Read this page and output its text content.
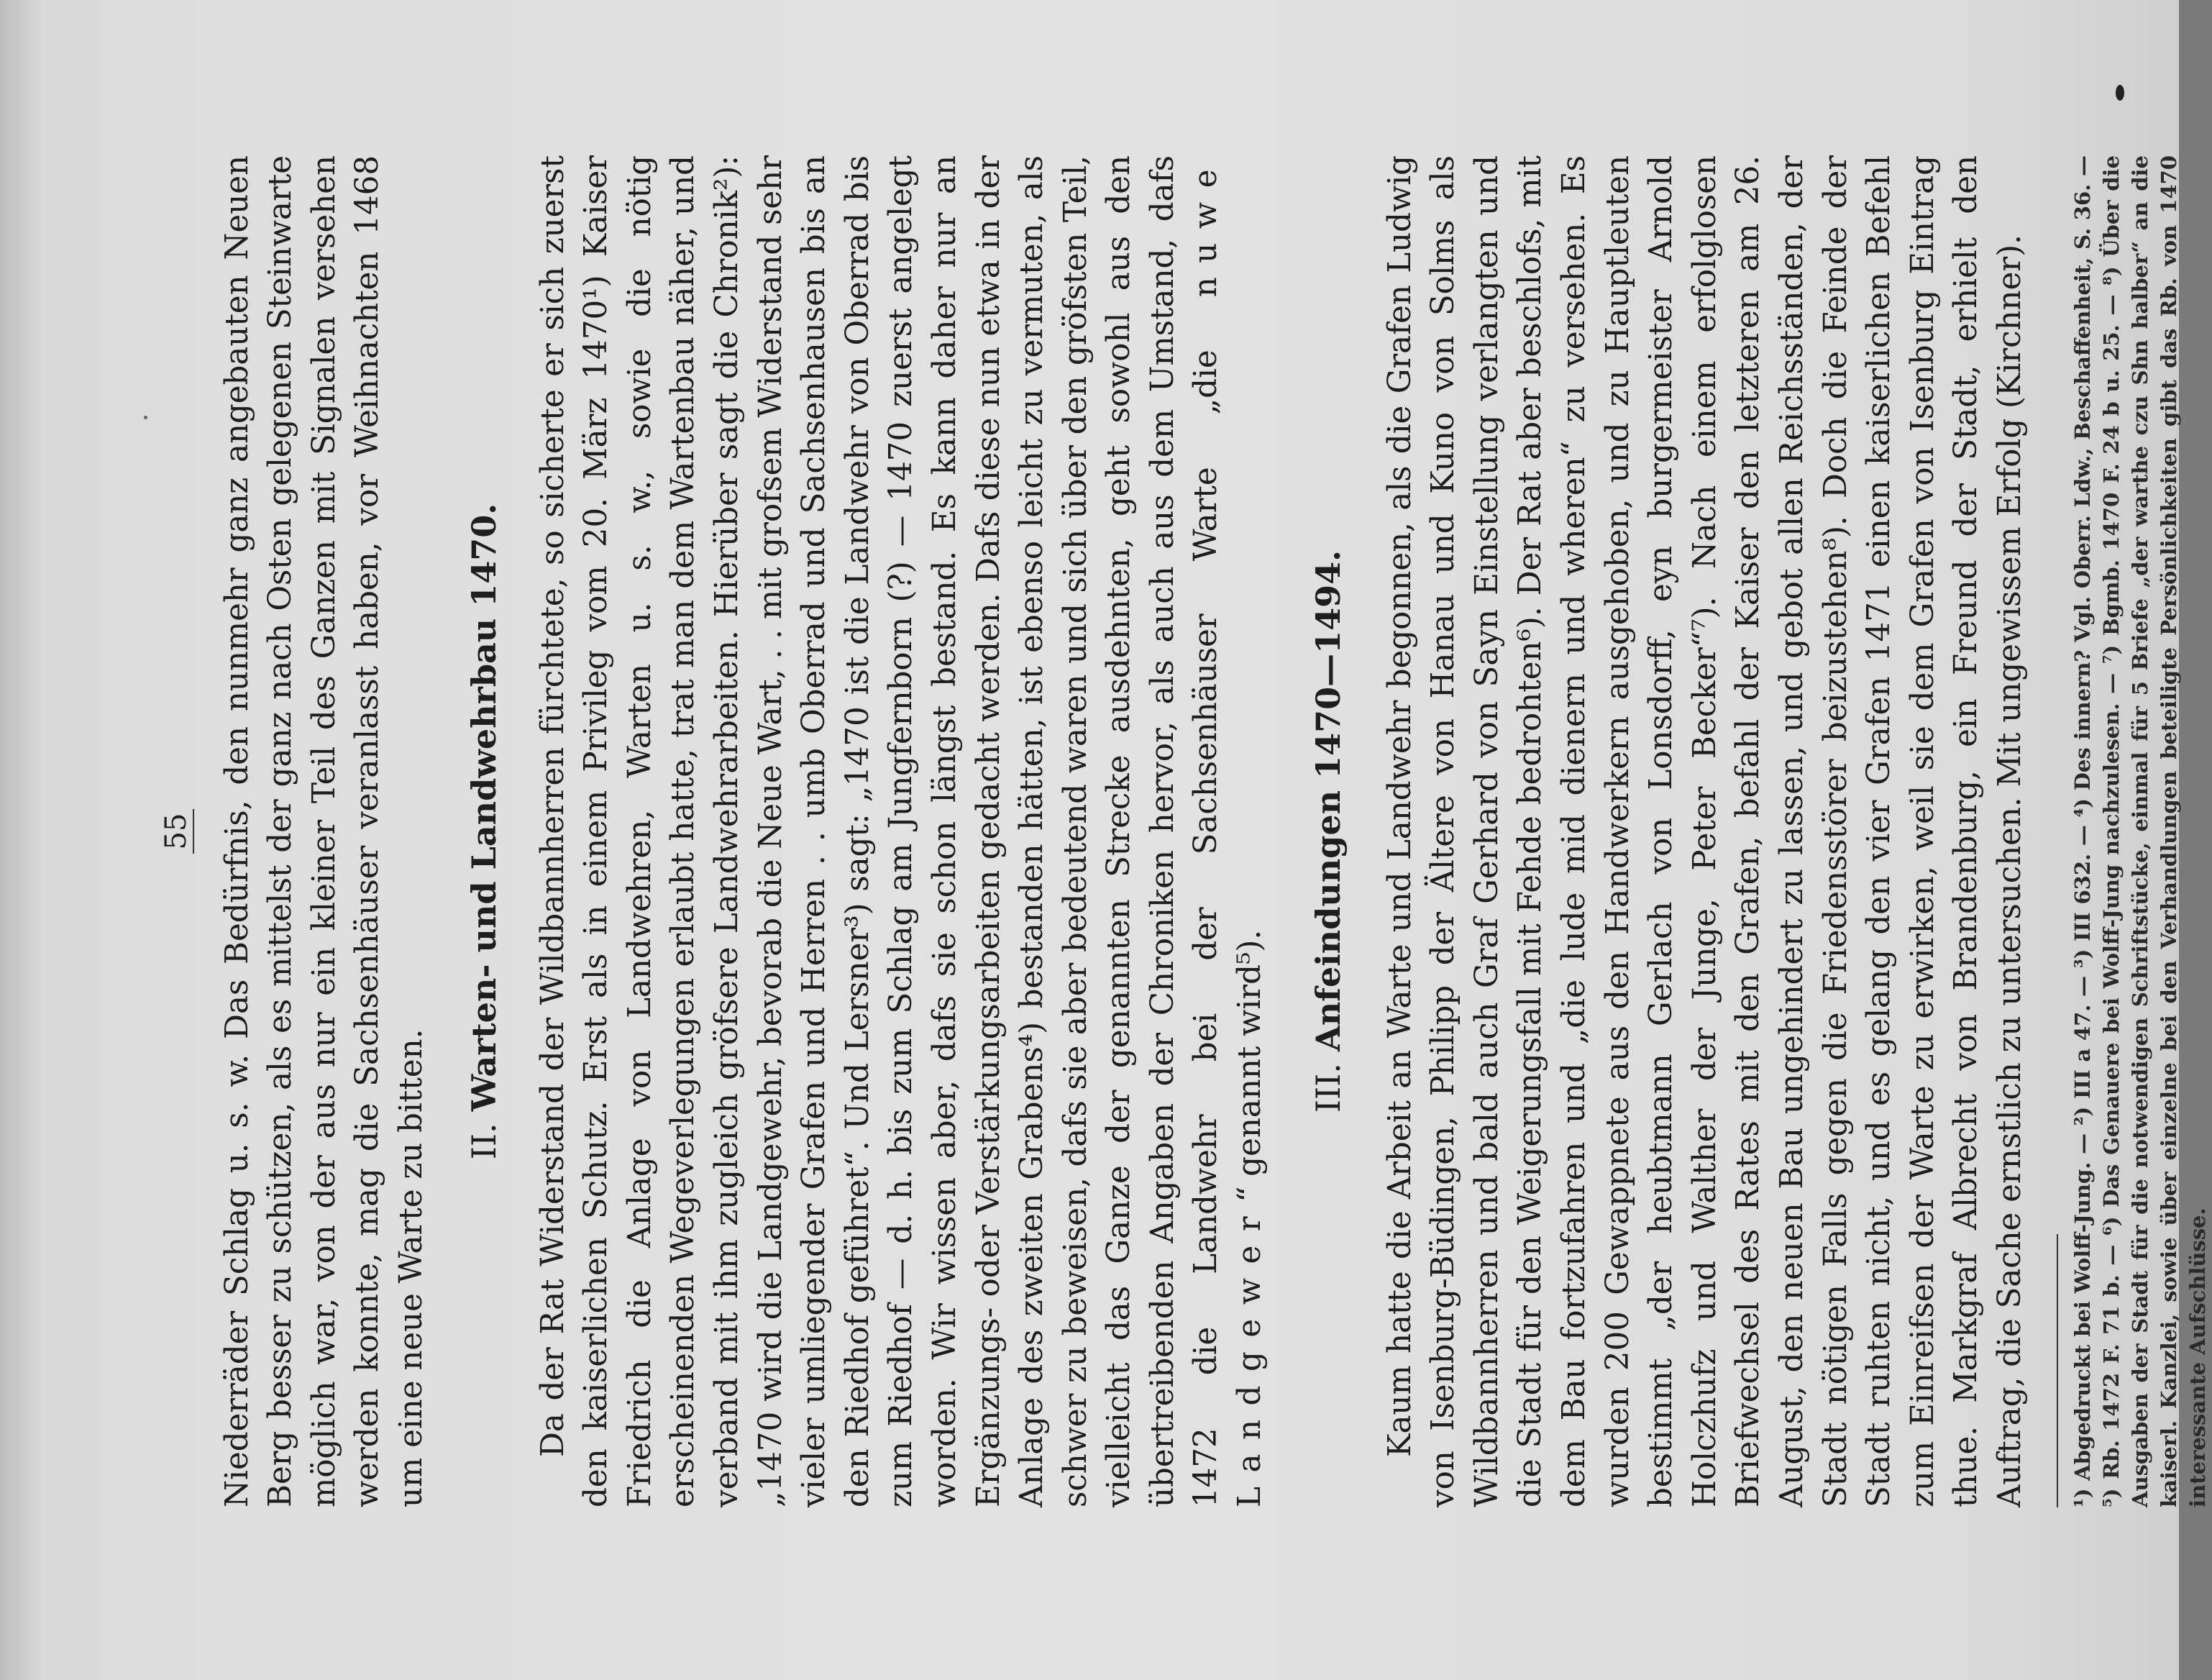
55 Niederräder Schlag u. s. w. Das Bedürfnis, den nunmehr ganz angebauten Neuen Berg besser zu schützen, als es mittelst der ganz nach Osten gelegenen Steinwarte möglich war, von der aus nur ein kleiner Teil des Ganzen mit Signalen versehen werden konnte, mag die Sachsenhäuser veranlasst haben, vor Weihnachten 1468 um eine neue Warte zu bitten. II. Warten- und Landwehrbau 1470. Da der Rat Widerstand der Wildbannherren fürchtete, so sicherte er sich zuerst den kaiserlichen Schutz. Erst als in einem Privileg vom 20. März 1470¹) Kaiser Friedrich die Anlage von Landwehren, Warten u. s. w., sowie die nötig erscheinenden Wegeverlegungen erlaubt hatte, trat man dem Wartenbau näher, und verband mit ihm zugleich gröfsere Landwehrarbeiten. Hierüber sagt die Chronik²): „1470 wird die Landgewehr, bevorab die Neue Wart, . . mit grofsem Widerstand sehr vieler umliegender Grafen und Herren . . umb Oberrad und Sachsenhausen bis an den Riedhof geführet“. Und Lersner³) sagt: „1470 ist die Landwehr von Oberrad bis zum Riedhof — d. h. bis zum Schlag am Jungfernborn (?) — 1470 zuerst angelegt worden. Wir wissen aber, dafs sie schon längst bestand. Es kann daher nur an Ergänzungs- oder Verstärkungsarbeiten gedacht werden. Dafs diese nun etwa in der Anlage des zweiten Grabens⁴) bestanden hätten, ist ebenso leicht zu vermuten, als schwer zu beweisen, dafs sie aber bedeutend waren und sich über den gröfsten Teil, vielleicht das Ganze der genannten Strecke ausdehnten, geht sowohl aus den übertreibenden Angaben der Chroniken hervor, als auch aus dem Umstand, dafs 1472 die Landwehr bei der Sachsenhäuser Warte „die nuwe Landgewer“ genannt wird⁵). III. Anfeindungen 1470—1494. Kaum hatte die Arbeit an Warte und Landwehr begonnen, als die Grafen Ludwig von Isenburg-Büdingen, Philipp der Ältere von Hanau und Kuno von Solms als Wildbannherren und bald auch Graf Gerhard von Sayn Einstellung verlangten und die Stadt für den Weigerungsfall mit Fehde bedrohten⁶). Der Rat aber beschlofs, mit dem Bau fortzufahren und „die lude mid dienern und wheren“ zu versehen. Es wurden 200 Gewappnete aus den Handwerkern ausgehoben, und zu Hauptleuten bestimmt „der heubtmann Gerlach von Lonsdorff, eyn burgermeister Arnold Holczhufz und Walther der Junge, Peter Becker“⁷). Nach einem erfolglosen Briefwechsel des Rates mit den Grafen, befahl der Kaiser den letzteren am 26. August, den neuen Bau ungehindert zu lassen, und gebot allen Reichsständen, der Stadt nötigen Falls gegen die Friedensstörer beizustehen⁸). Doch die Feinde der Stadt ruhten nicht, und es gelang den vier Grafen 1471 einen kaiserlichen Befehl zum Einreifsen der Warte zu erwirken, weil sie dem Grafen von Isenburg Eintrag thue. Markgraf Albrecht von Brandenburg, ein Freund der Stadt, erhielt den Auftrag, die Sache ernstlich zu untersuchen. Mit ungewissem Erfolg (Kirchner). ¹) Abgedruckt bei Wolff-Jung. — ²) III a 47. — ³) III 632. — ⁴) Des innern? Vgl. Oberr. Ldw., Beschaffenheit, S. 36. — ⁵) Rb. 1472 F. 71 b. — ⁶) Das Genauere bei Wolff-Jung nachzulesen. — ⁷) Bgmb. 1470 F. 24 b u. 25. — ⁸) Über die Ausgaben der Stadt für die notwendigen Schriftstücke, einmal für 5 Briefe „der warthe czu Shn halber“ an die kaiserl. Kanzlei, sowie über einzelne bei den Verhandlungen beteiligte Persönlichkeiten gibt das Rb. von 1470 interessante Aufschlüsse.
